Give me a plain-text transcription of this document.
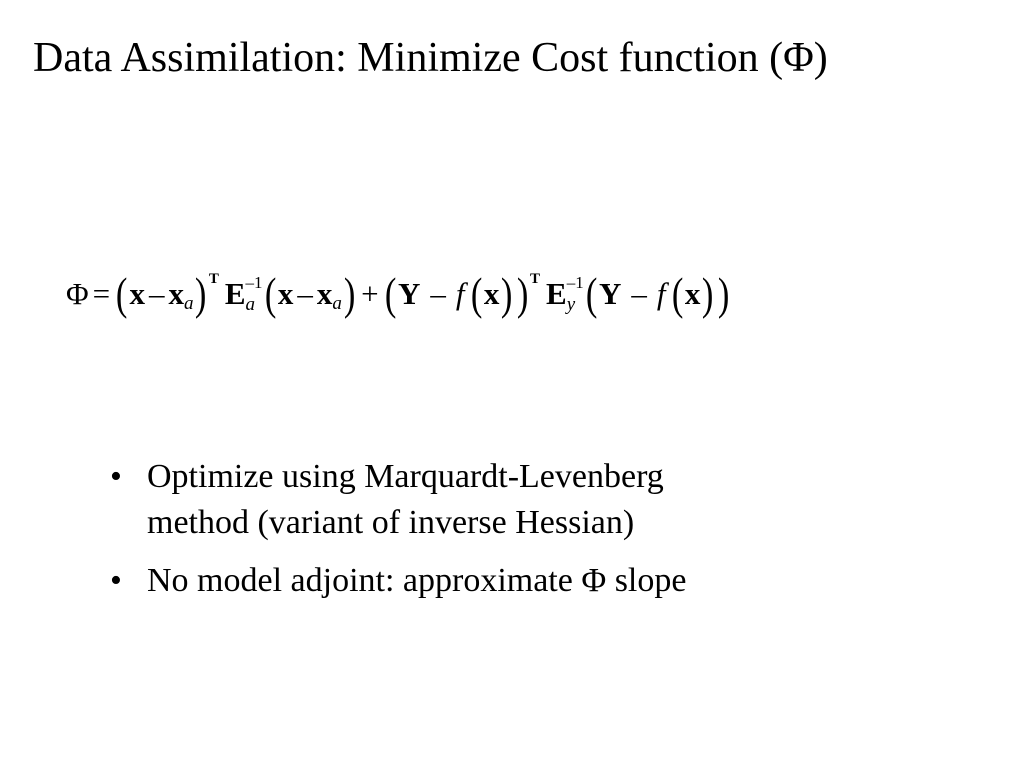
Data Assimilation: Minimize Cost function (Φ)
Φ = ( x – x a ) T E –1
a ( x – x a ) + ( Y – f ( x ) ) T E –1
y ( Y – f ( x ) )
• Optimize using Marquardt-Levenberg
method (variant of inverse Hessian)
• No model adjoint: approximate Φ slope
